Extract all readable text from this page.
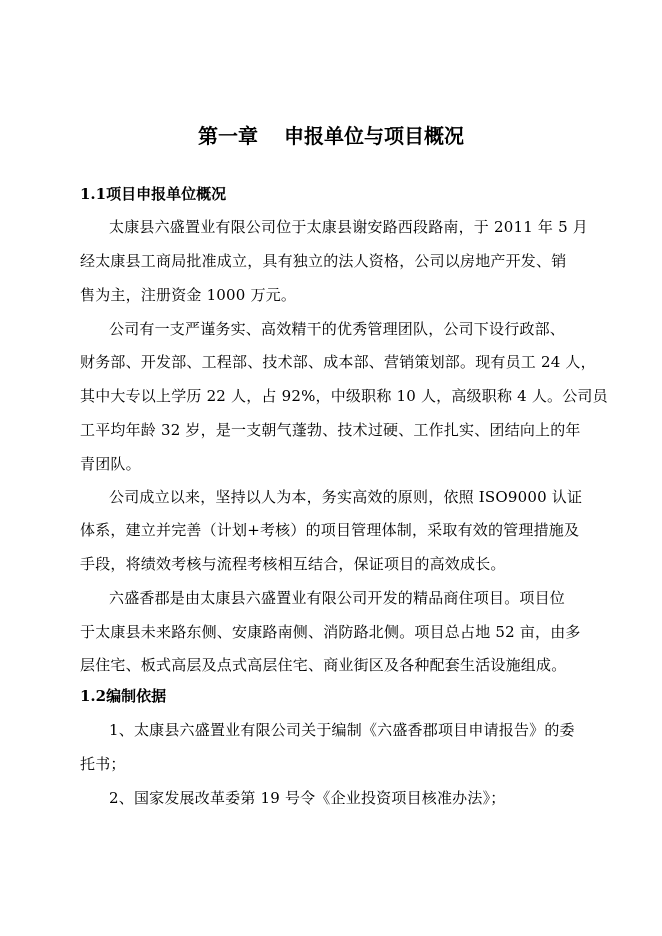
第一章 申报单位与项目概况
1.1项目申报单位概况
太康县六盛置业有限公司位于太康县谢安路西段路南，于 2011 年 5 月
经太康县工商局批准成立，具有独立的法人资格，公司以房地产开发、销
售为主，注册资金 1000 万元。
公司有一支严谨务实、高效精干的优秀管理团队，公司下设行政部、
财务部、开发部、工程部、技术部、成本部、营销策划部。现有员工 24 人，
其中大专以上学历 22 人，占 92%，中级职称 10 人，高级职称 4 人。公司员
工平均年龄 32 岁，是一支朝气蓬勃、技术过硬、工作扎实、团结向上的年
青团队。
公司成立以来，坚持以人为本，务实高效的原则，依照 ISO9000 认证
体系，建立并完善（计划+考核）的项目管理体制，采取有效的管理措施及
手段，将绩效考核与流程考核相互结合，保证项目的高效成长。
六盛香郡是由太康县六盛置业有限公司开发的精品商住项目。项目位
于太康县未来路东侧、安康路南侧、消防路北侧。项目总占地 52 亩，由多
层住宅、板式高层及点式高层住宅、商业街区及各种配套生活设施组成。
1.2编制依据
1、太康县六盛置业有限公司关于编制《六盛香郡项目申请报告》的委
托书；
2、国家发展改革委第 19 号令《企业投资项目核准办法》；
